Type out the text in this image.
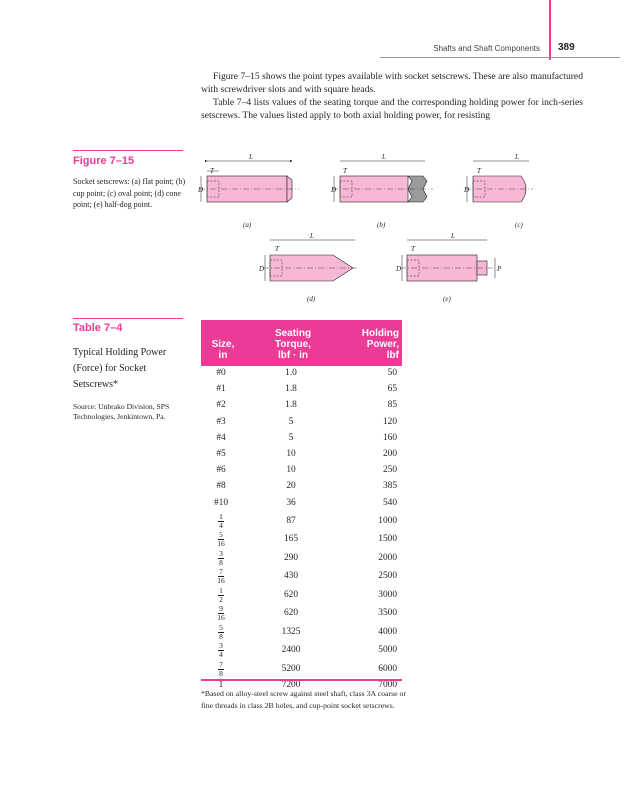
Shafts and Shaft Components 389

Figure 7–15 shows the point types available with socket setscrews. These are also manufactured with screwdriver slots and with square heads.

Table 7–4 lists values of the seating torque and the corresponding holding power for inch-series setscrews. The values listed apply to both axial holding power, for resisting

Figure 7–15
Socket setscrews: (a) flat point; (b) cup point; (c) oval point; (d) cone point; (e) half-dog point.
L
T
D
(a)
L
T
D
(b)
L
T
D
(c)
L
T
D
(d)
L
T
D	P
(e)
Table 7–4
Typical Holding Power (Force) for Socket Setscrews*
Source: Unbrako Division, SPS Technologies, Jenkintown, Pa.
Size,
in
Seating
Torque,
lbf · in
Holding
Power,
lbf
#0	1.0	50
#1	1.8	65
#2	1.8	85
#3	5	120
#4	5	160
#5	10	200
#6	10	250
#8	20	385
#10	36	540
$\frac{1}{4}$	87	1000
$\frac{5}{16}$	165	1500
$\frac{3}{8}$	290	2000
$\frac{7}{16}$	430	2500
$\frac{1}{2}$	620	3000
$\frac{9}{16}$	620	3500
$\frac{5}{8}$	1325	4000
$\frac{3}{4}$	2400	5000
$\frac{7}{8}$	5200	6000
1	7200	7000
*Based on alloy-steel screw against steel shaft, class 3A coarse or fine threads in class 2B holes, and cup-point socket setscrews.
